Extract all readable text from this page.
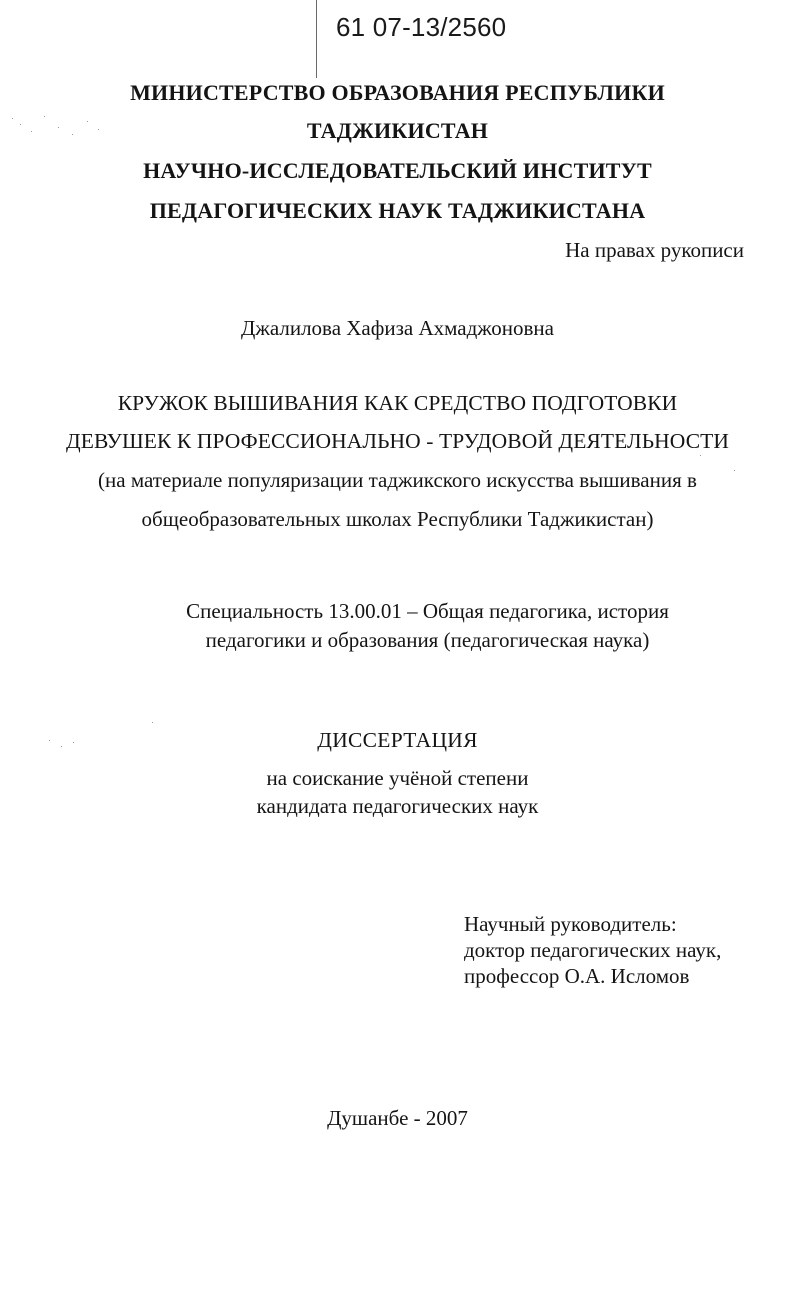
61 07-13/2560
МИНИСТЕРСТВО ОБРАЗОВАНИЯ РЕСПУБЛИКИ
ТАДЖИКИСТАН
НАУЧНО-ИССЛЕДОВАТЕЛЬСКИЙ ИНСТИТУТ
ПЕДАГОГИЧЕСКИХ НАУК ТАДЖИКИСТАНА
На правах рукописи
Джалилова Хафиза Ахмаджоновна
КРУЖОК ВЫШИВАНИЯ КАК СРЕДСТВО ПОДГОТОВКИ
ДЕВУШЕК К ПРОФЕССИОНАЛЬНО - ТРУДОВОЙ ДЕЯТЕЛЬНОСТИ
(на материале популяризации таджикского искусства вышивания в
общеобразовательных школах Республики Таджикистан)
Специальность 13.00.01 – Общая педагогика, история
педагогики и образования (педагогическая наука)
ДИССЕРТАЦИЯ
на соискание учёной степени
кандидата педагогических наук
Научный руководитель:
доктор педагогических наук,
профессор О.А. Исломов
Душанбе - 2007
